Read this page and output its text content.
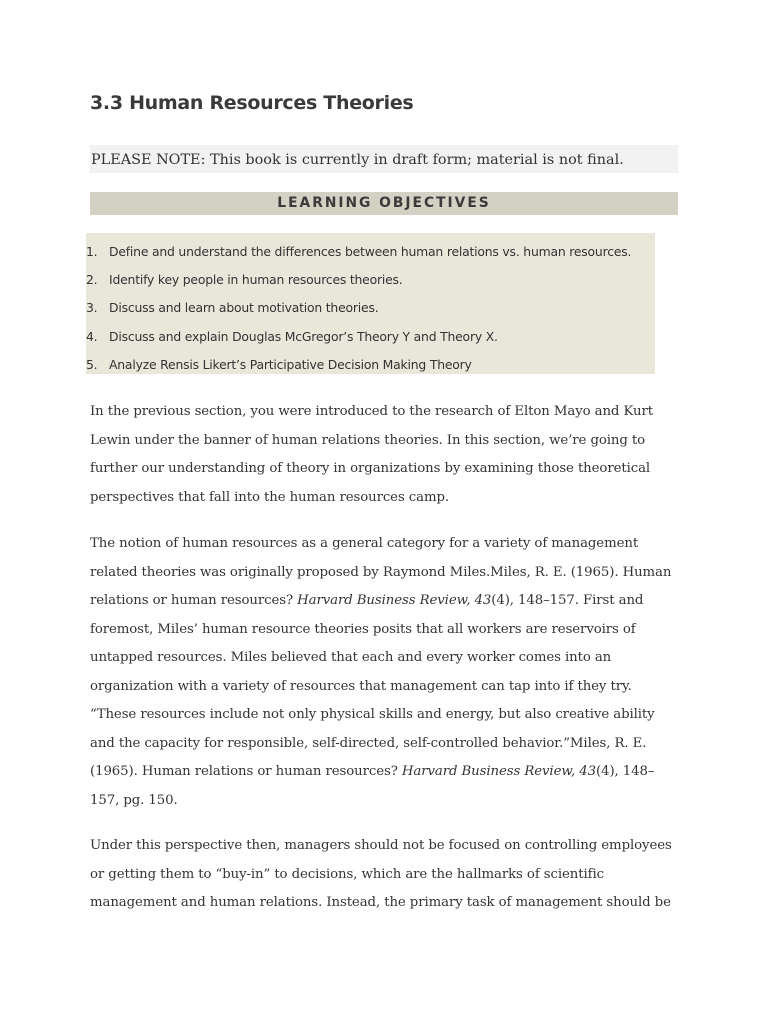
3.3 Human Resources Theories
PLEASE NOTE: This book is currently in draft form; material is not final.
LEARNING OBJECTIVES
1. Define and understand the differences between human relations vs. human resources.
2. Identify key people in human resources theories.
3. Discuss and learn about motivation theories.
4. Discuss and explain Douglas McGregor’s Theory Y and Theory X.
5. Analyze Rensis Likert’s Participative Decision Making Theory
In the previous section, you were introduced to the research of Elton Mayo and Kurt
Lewin under the banner of human relations theories. In this section, we’re going to
further our understanding of theory in organizations by examining those theoretical
perspectives that fall into the human resources camp.
The notion of human resources as a general category for a variety of management
related theories was originally proposed by Raymond Miles.Miles, R. E. (1965). Human
relations or human resources? Harvard Business Review, 43(4), 148–157. First and
foremost, Miles’ human resource theories posits that all workers are reservoirs of
untapped resources. Miles believed that each and every worker comes into an
organization with a variety of resources that management can tap into if they try.
“These resources include not only physical skills and energy, but also creative ability
and the capacity for responsible, self-directed, self-controlled behavior.”Miles, R. E.
(1965). Human relations or human resources? Harvard Business Review, 43(4), 148–
157, pg. 150.
Under this perspective then, managers should not be focused on controlling employees
or getting them to “buy-in” to decisions, which are the hallmarks of scientific
management and human relations. Instead, the primary task of management should be
